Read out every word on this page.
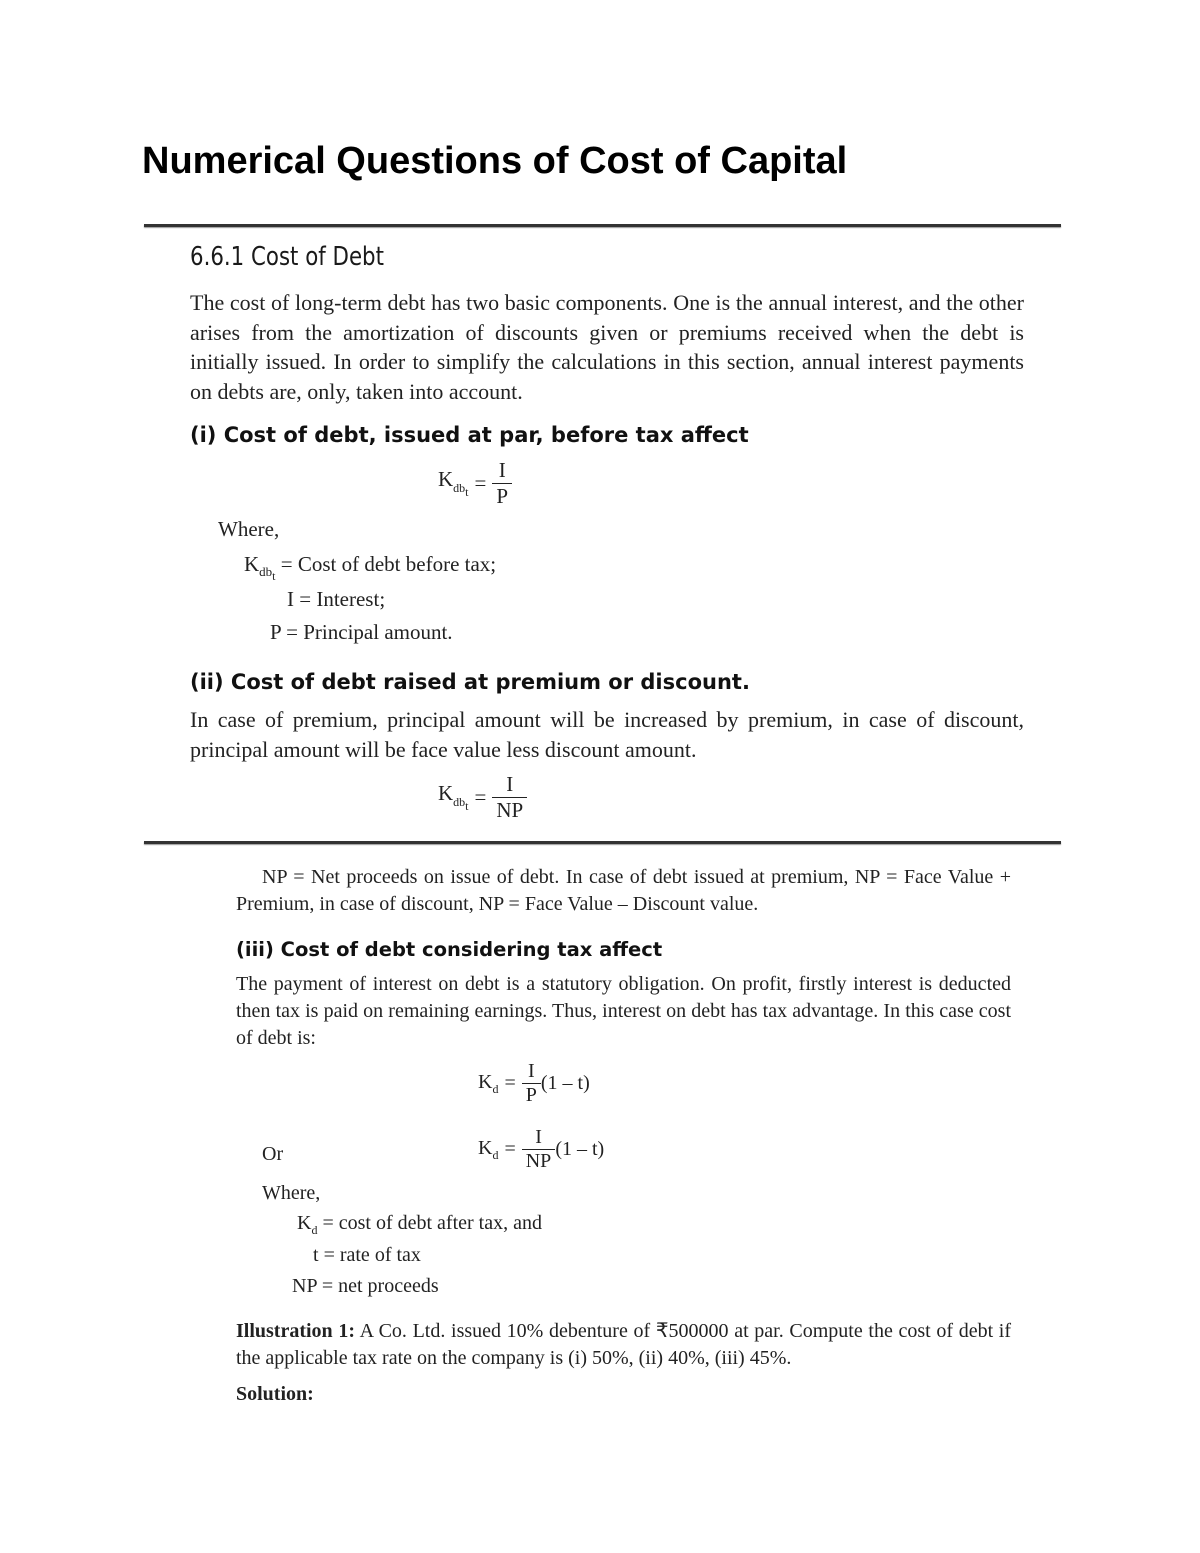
Numerical Questions of Cost of Capital
6.6.1 Cost of Debt
The cost of long-term debt has two basic components. One is the annual interest, and the other arises from the amortization of discounts given or premiums received when the debt is initially issued. In order to simplify the calculations in this section, annual interest payments on debts are, only, taken into account.
(i) Cost of debt, issued at par, before tax affect
$K_{dbt} = \frac{I}{P}$
Where,
$K_{dbt}$ = Cost of debt before tax;
I = Interest;
P = Principal amount.
(ii) Cost of debt raised at premium or discount.
In case of premium, principal amount will be increased by premium, in case of discount, principal amount will be face value less discount amount.
$K_{dbt} = \frac{I}{NP}$
NP = Net proceeds on issue of debt. In case of debt issued at premium, NP = Face Value + Premium, in case of discount, NP = Face Value – Discount value.
(iii) Cost of debt considering tax affect
The payment of interest on debt is a statutory obligation. On profit, firstly interest is deducted then tax is paid on remaining earnings. Thus, interest on debt has tax advantage. In this case cost of debt is:
$K_d = \frac{I}{P} (1 - t)$
Or	$K_d = \frac{I}{NP} (1 - t)$
Where,
$K_d = \cos t$ of debt after tax, and
t = rate of tax
NP = net proceeds
Illustration 1: A Co. Ltd. issued 10% debenture of ₹500000 at par. Compute the cost of debt if the applicable tax rate on the company is (i) 50%, (ii) 40%, (iii) 45%.
Solution:
